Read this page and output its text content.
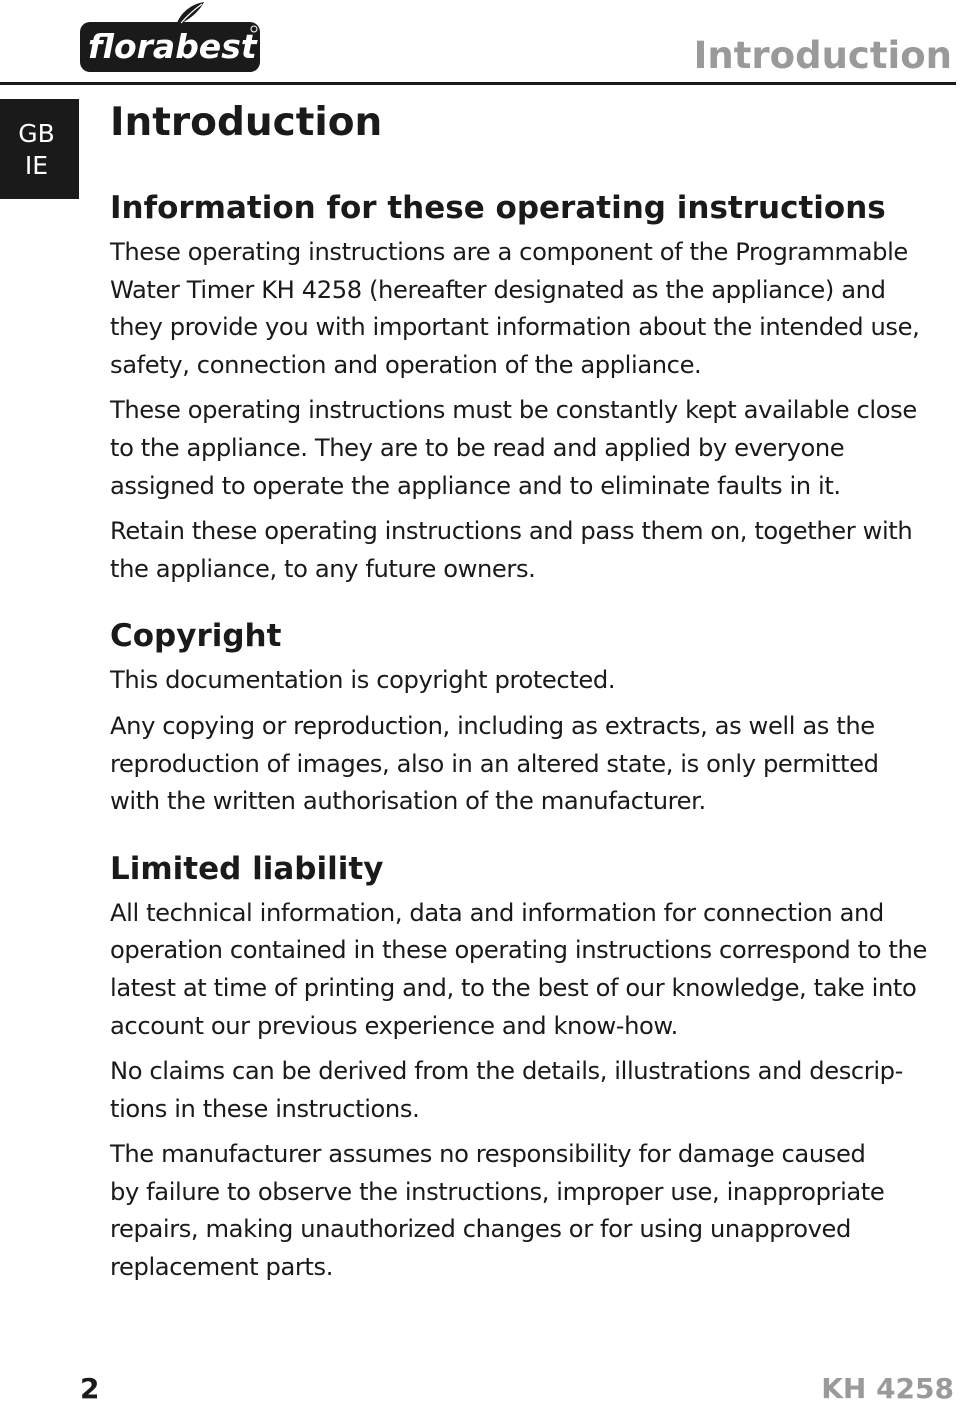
florabest	Introduction
GB
IE
Introduction
Information for these operating instructions

These operating instructions are a component of the Programmable
Water Timer KH 4258 (hereafter designated as the appliance) and
they provide you with important information about the intended use,
safety, connection and operation of the appliance.

These operating instructions must be constantly kept available close
to the appliance. They are to be read and applied by everyone
assigned to operate the appliance and to eliminate faults in it.

Retain these operating instructions and pass them on, together with
the appliance, to any future owners.

Copyright

This documentation is copyright protected.

Any copying or reproduction, including as extracts, as well as the
reproduction of images, also in an altered state, is only permitted
with the written authorisation of the manufacturer.

Limited liability

All technical information, data and information for connection and
operation contained in these operating instructions correspond to the
latest at time of printing and, to the best of our knowledge, take into
account our previous experience and know-how.

No claims can be derived from the details, illustrations and descrip-
tions in these instructions.

The manufacturer assumes no responsibility for damage caused
by failure to observe the instructions, improper use, inappropriate
repairs, making unauthorized changes or for using unapproved
replacement parts.

2	KH 4258
